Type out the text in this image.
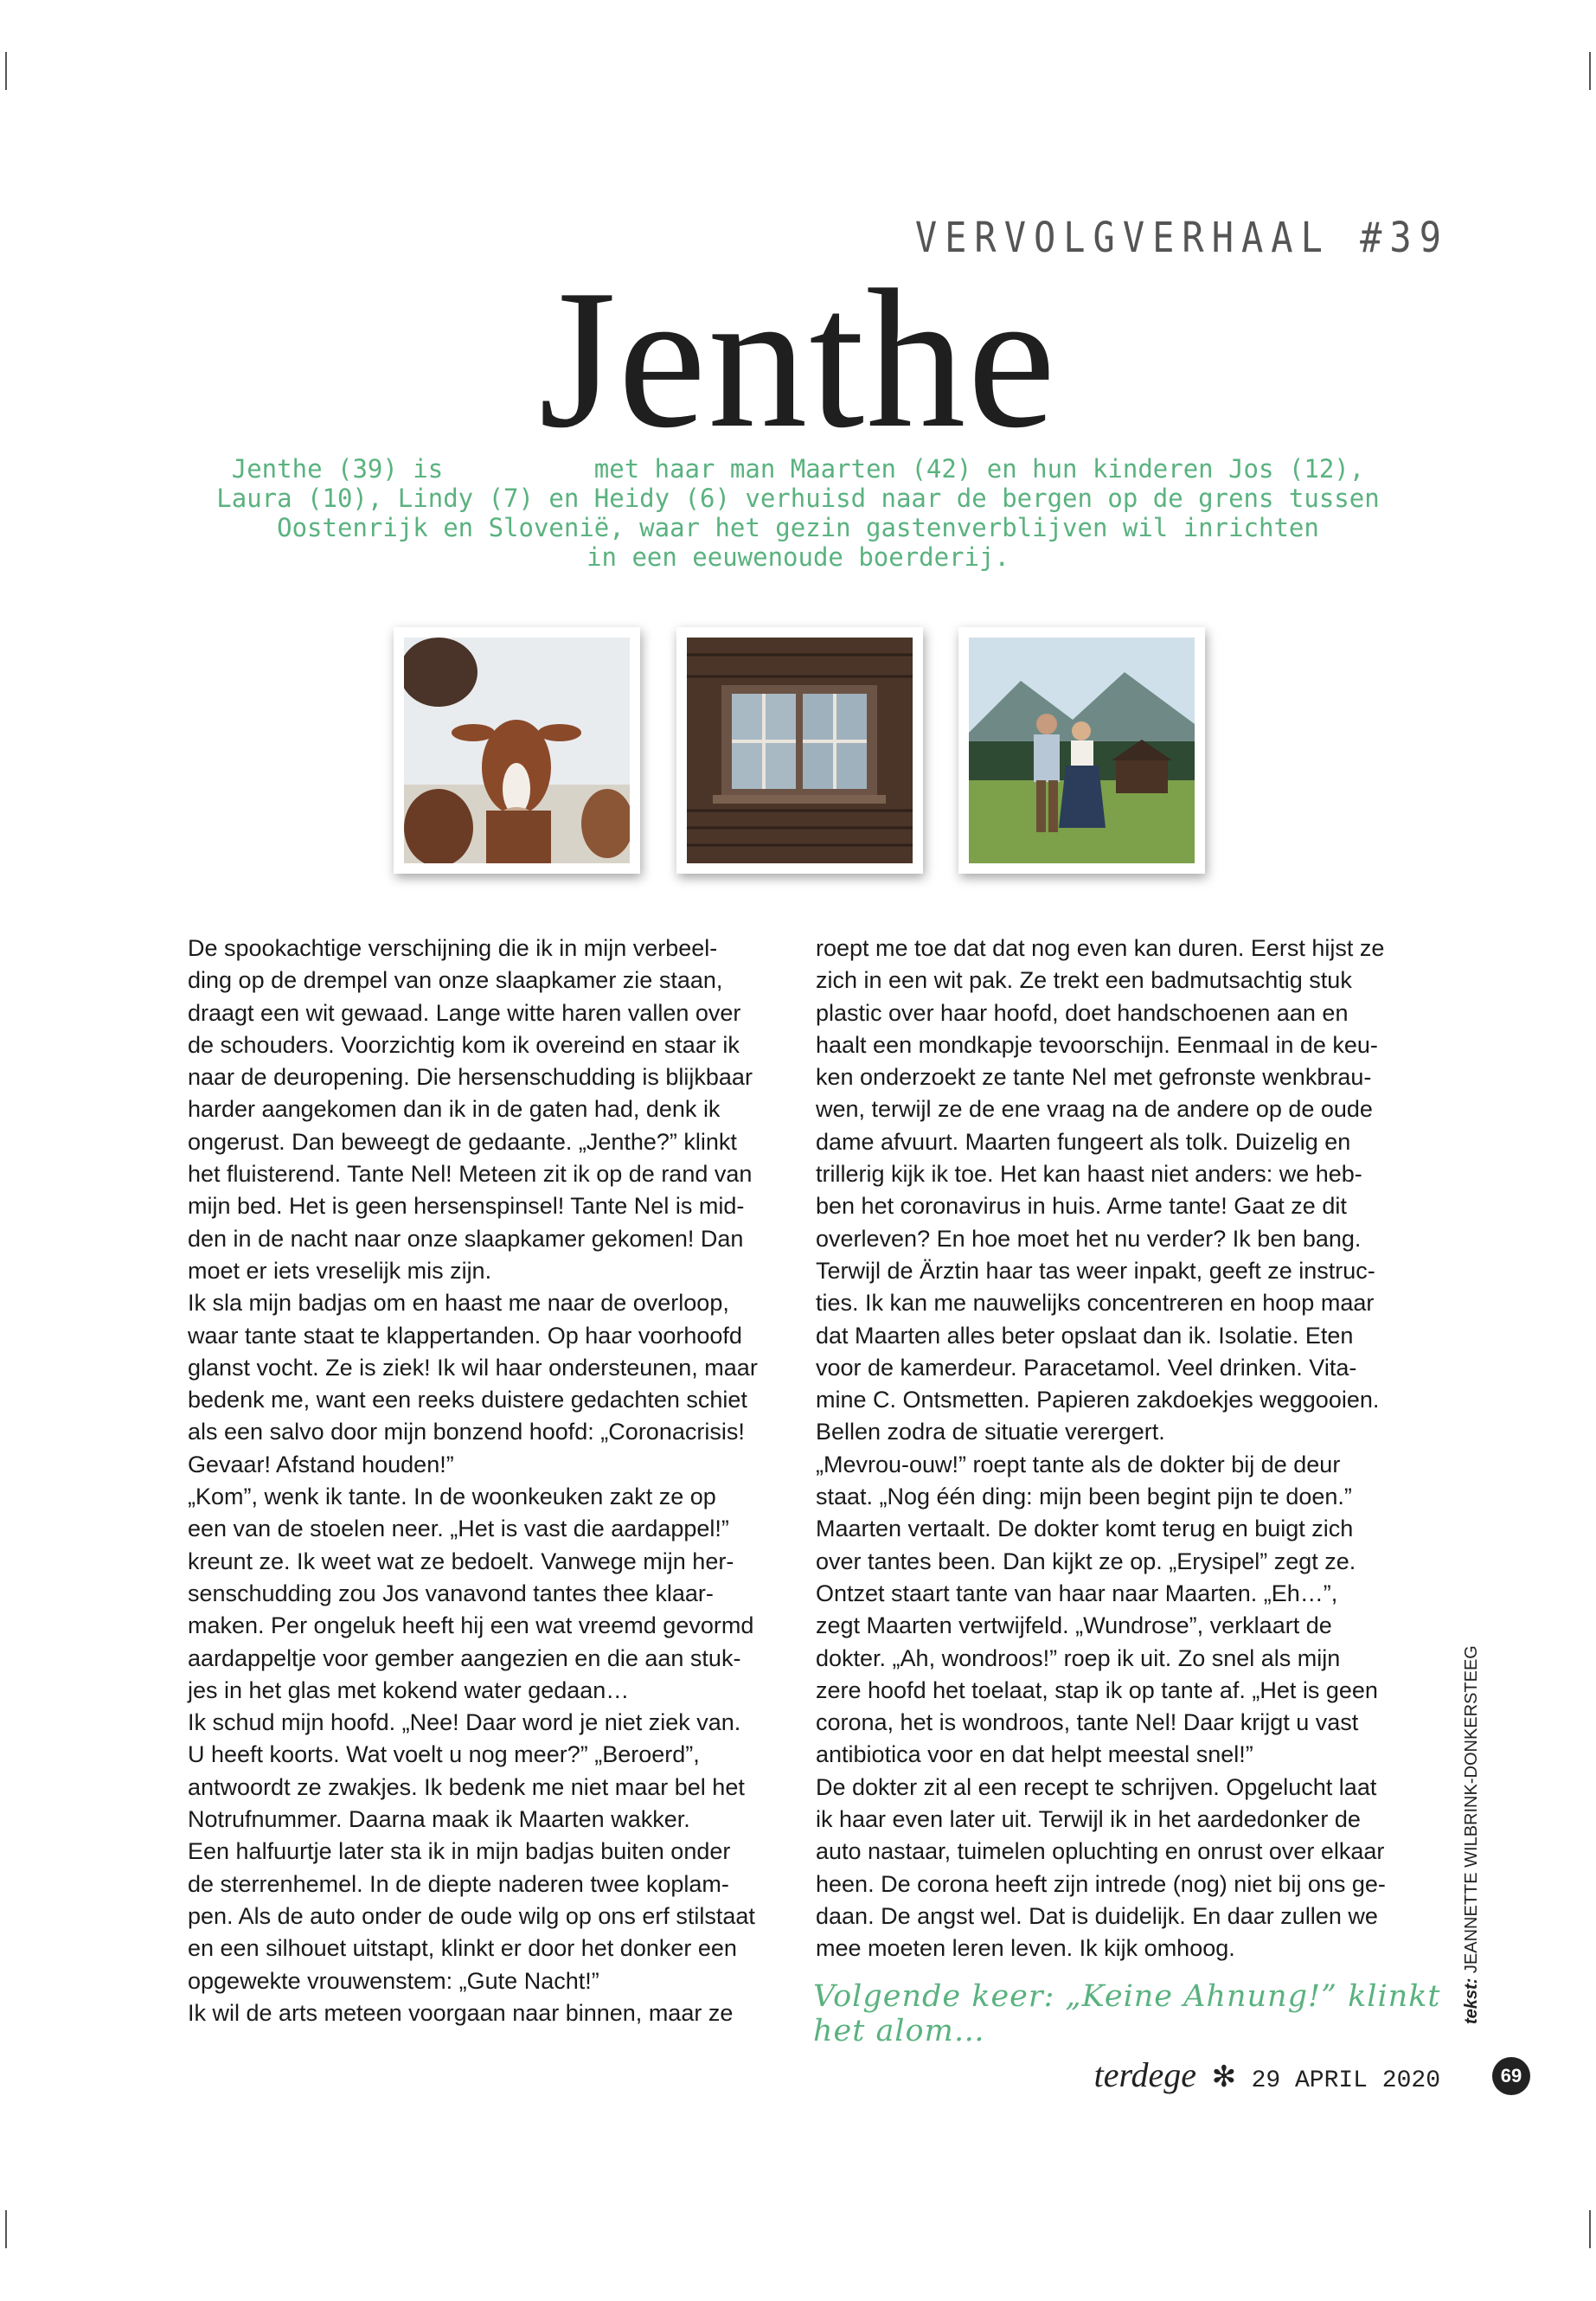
VERVOLGVERHAAL #39
Jenthe
Jenthe (39) is          met haar man Maarten (42) en hun kinderen Jos (12),
Laura (10), Lindy (7) en Heidy (6) verhuisd naar de bergen op de grens tussen
Oostenrijk en Slovenië, waar het gezin gastenverblijven wil inrichten
in een eeuwenoude boerderij.

De spookachtige verschijning die ik in mijn verbeel-

ding op de drempel van onze slaapkamer zie staan,

draagt een wit gewaad. Lange witte haren vallen over

de schouders. Voorzichtig kom ik overeind en staar ik

naar de deuropening. Die hersenschudding is blijkbaar

harder aangekomen dan ik in de gaten had, denk ik

ongerust. Dan beweegt de gedaante. „Jenthe?” klinkt

het fluisterend. Tante Nel! Meteen zit ik op de rand van

mijn bed. Het is geen hersenspinsel! Tante Nel is mid-

den in de nacht naar onze slaapkamer gekomen! Dan

moet er iets vreselijk mis zijn.

Ik sla mijn badjas om en haast me naar de overloop,

waar tante staat te klappertanden. Op haar voorhoofd

glanst vocht. Ze is ziek! Ik wil haar ondersteunen, maar

bedenk me, want een reeks duistere gedachten schiet

als een salvo door mijn bonzend hoofd: „Coronacrisis!

Gevaar! Afstand houden!”

„Kom”, wenk ik tante. In de woonkeuken zakt ze op

een van de stoelen neer. „Het is vast die aardappel!”

kreunt ze. Ik weet wat ze bedoelt. Vanwege mijn her-

senschudding zou Jos vanavond tantes thee klaar-

maken. Per ongeluk heeft hij een wat vreemd gevormd

aardappeltje voor gember aangezien en die aan stuk-

jes in het glas met kokend water gedaan…

Ik schud mijn hoofd. „Nee! Daar word je niet ziek van.

U heeft koorts. Wat voelt u nog meer?” „Beroerd”,

antwoordt ze zwakjes. Ik bedenk me niet maar bel het

Notrufnummer. Daarna maak ik Maarten wakker.

Een halfuurtje later sta ik in mijn badjas buiten onder

de sterrenhemel. In de diepte naderen twee koplam-

pen. Als de auto onder de oude wilg op ons erf stilstaat

en een silhouet uitstapt, klinkt er door het donker een

opgewekte vrouwenstem: „Gute Nacht!”

Ik wil de arts meteen voorgaan naar binnen, maar ze

roept me toe dat dat nog even kan duren. Eerst hijst ze

zich in een wit pak. Ze trekt een badmutsachtig stuk

plastic over haar hoofd, doet handschoenen aan en

haalt een mondkapje tevoorschijn. Eenmaal in de keu-

ken onderzoekt ze tante Nel met gefronste wenkbrau-

wen, terwijl ze de ene vraag na de andere op de oude

dame afvuurt. Maarten fungeert als tolk. Duizelig en

trillerig kijk ik toe. Het kan haast niet anders: we heb-

ben het coronavirus in huis. Arme tante! Gaat ze dit

overleven? En hoe moet het nu verder? Ik ben bang.

Terwijl de Ärztin haar tas weer inpakt, geeft ze instruc-

ties. Ik kan me nauwelijks concentreren en hoop maar

dat Maarten alles beter opslaat dan ik. Isolatie. Eten

voor de kamerdeur. Paracetamol. Veel drinken. Vita-

mine C. Ontsmetten. Papieren zakdoekjes weggooien.

Bellen zodra de situatie verergert.

„Mevrou-ouw!” roept tante als de dokter bij de deur

staat. „Nog één ding: mijn been begint pijn te doen.”

Maarten vertaalt. De dokter komt terug en buigt zich

over tantes been. Dan kijkt ze op. „Erysipel” zegt ze.

Ontzet staart tante van haar naar Maarten. „Eh…”,

zegt Maarten vertwijfeld. „Wundrose”, verklaart de

dokter. „Ah, wondroos!” roep ik uit. Zo snel als mijn

zere hoofd het toelaat, stap ik op tante af. „Het is geen

corona, het is wondroos, tante Nel! Daar krijgt u vast

antibiotica voor en dat helpt meestal snel!”

De dokter zit al een recept te schrijven. Opgelucht laat

ik haar even later uit. Terwijl ik in het aardedonker de

auto nastaar, tuimelen opluchting en onrust over elkaar

heen. De corona heeft zijn intrede (nog) niet bij ons ge-

daan. De angst wel. Dat is duidelijk. En daar zullen we

mee moeten leren leven. Ik kijk omhoog.

Volgende keer: „Keine Ahnung!” klinkt het alom…
tekst: JEANNETTE WILBRINK-DONKERSTEEG
terdege ✻ 29 APRIL 2020	69
